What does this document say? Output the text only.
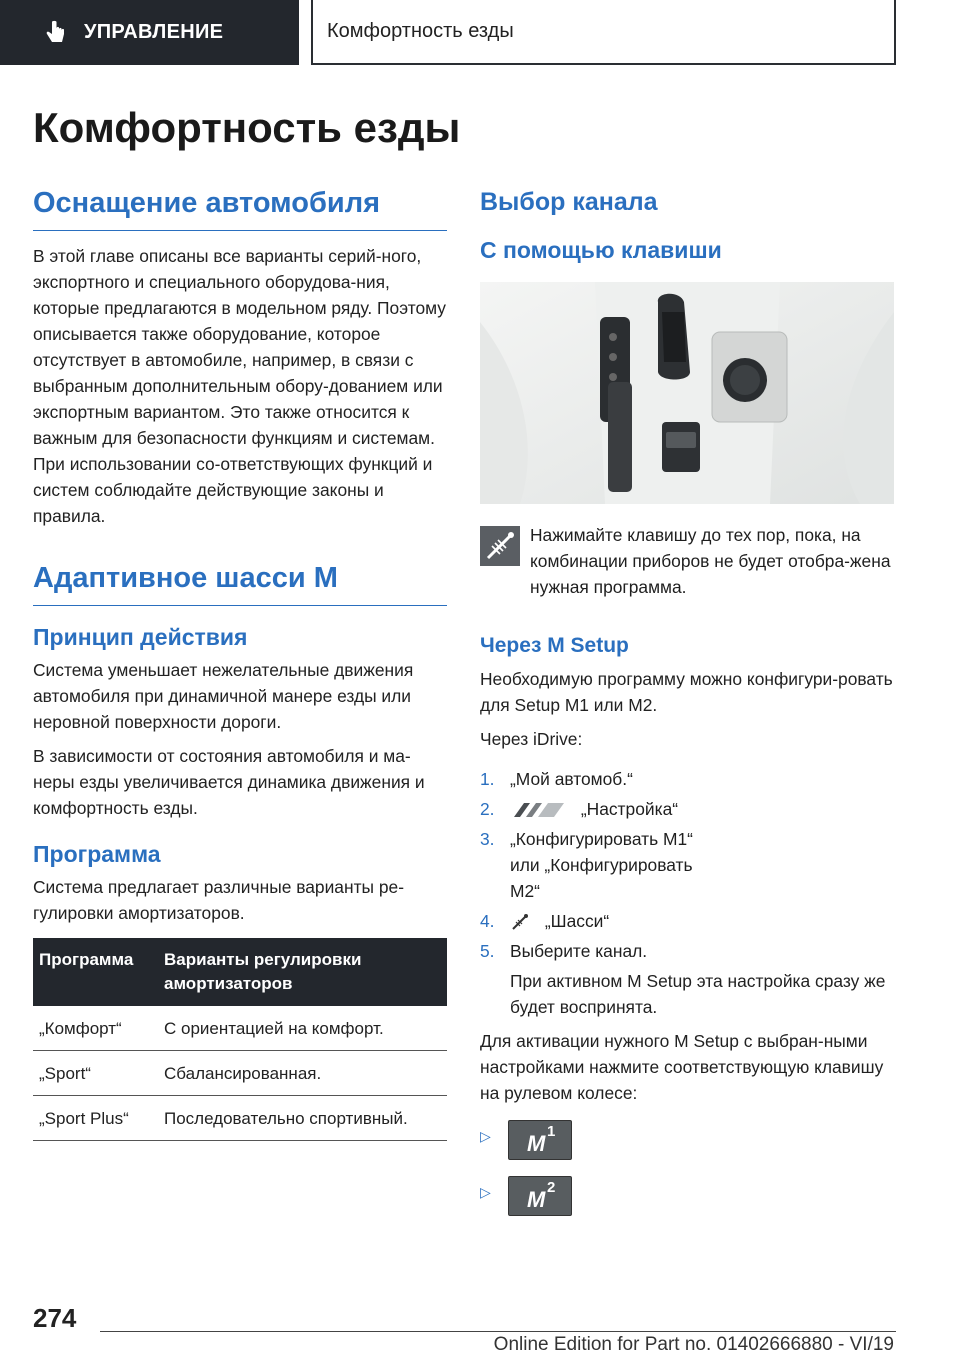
УПРАВЛЕНИЕ	Комфортность езды
Комфортность езды
Оснащение автомобиля

В этой главе описаны все варианты серий-ного, экспортного и специального оборудова-ния, которые предлагаются в модельном ряду. Поэтому описывается также оборудование, которое отсутствует в автомобиле, например, в связи с выбранным дополнительным обору-дованием или экспортным вариантом. Это также относится к важным для безопасности функциям и системам. При использовании со-ответствующих функций и систем соблюдайте действующие законы и правила.

Адаптивное шасси M
Принцип действия

Система уменьшает нежелательные движения автомобиля при динамичной манере езды или неровной поверхности дороги.

В зависимости от состояния автомобиля и ма-неры езды увеличивается динамика движения и комфортность езды.

Программа

Система предлагает различные варианты ре-гулировки амортизаторов.

Программа	Варианты регулировки амортизаторов
„Комфорт“	С ориентацией на комфорт.
„Sport“	Сбалансированная.
„Sport Plus“	Последовательно спортивный.
Выбор канала
С помощью клавиши

Нажимайте клавишу до тех пор, пока, на комбинации приборов не будет отобра-жена нужная программа.

Через M Setup

Необходимую программу можно конфигури-ровать для Setup M1 или M2.

Через iDrive:

1. „Мой автомоб.“
2.	„Настройка“
3. „Конфигурировать M1“ или „Конфигурировать M2“
4.	„Шасси“
5. Выберите канал.

При активном M Setup эта настройка сразу же будет воспринята.

Для активации нужного M Setup с выбран-ными настройками нажмите соответствующую клавишу на рулевом колесе:

▷	M 1
▷	M 2
274
Online Edition for Part no. 01402666880 - VI/19
